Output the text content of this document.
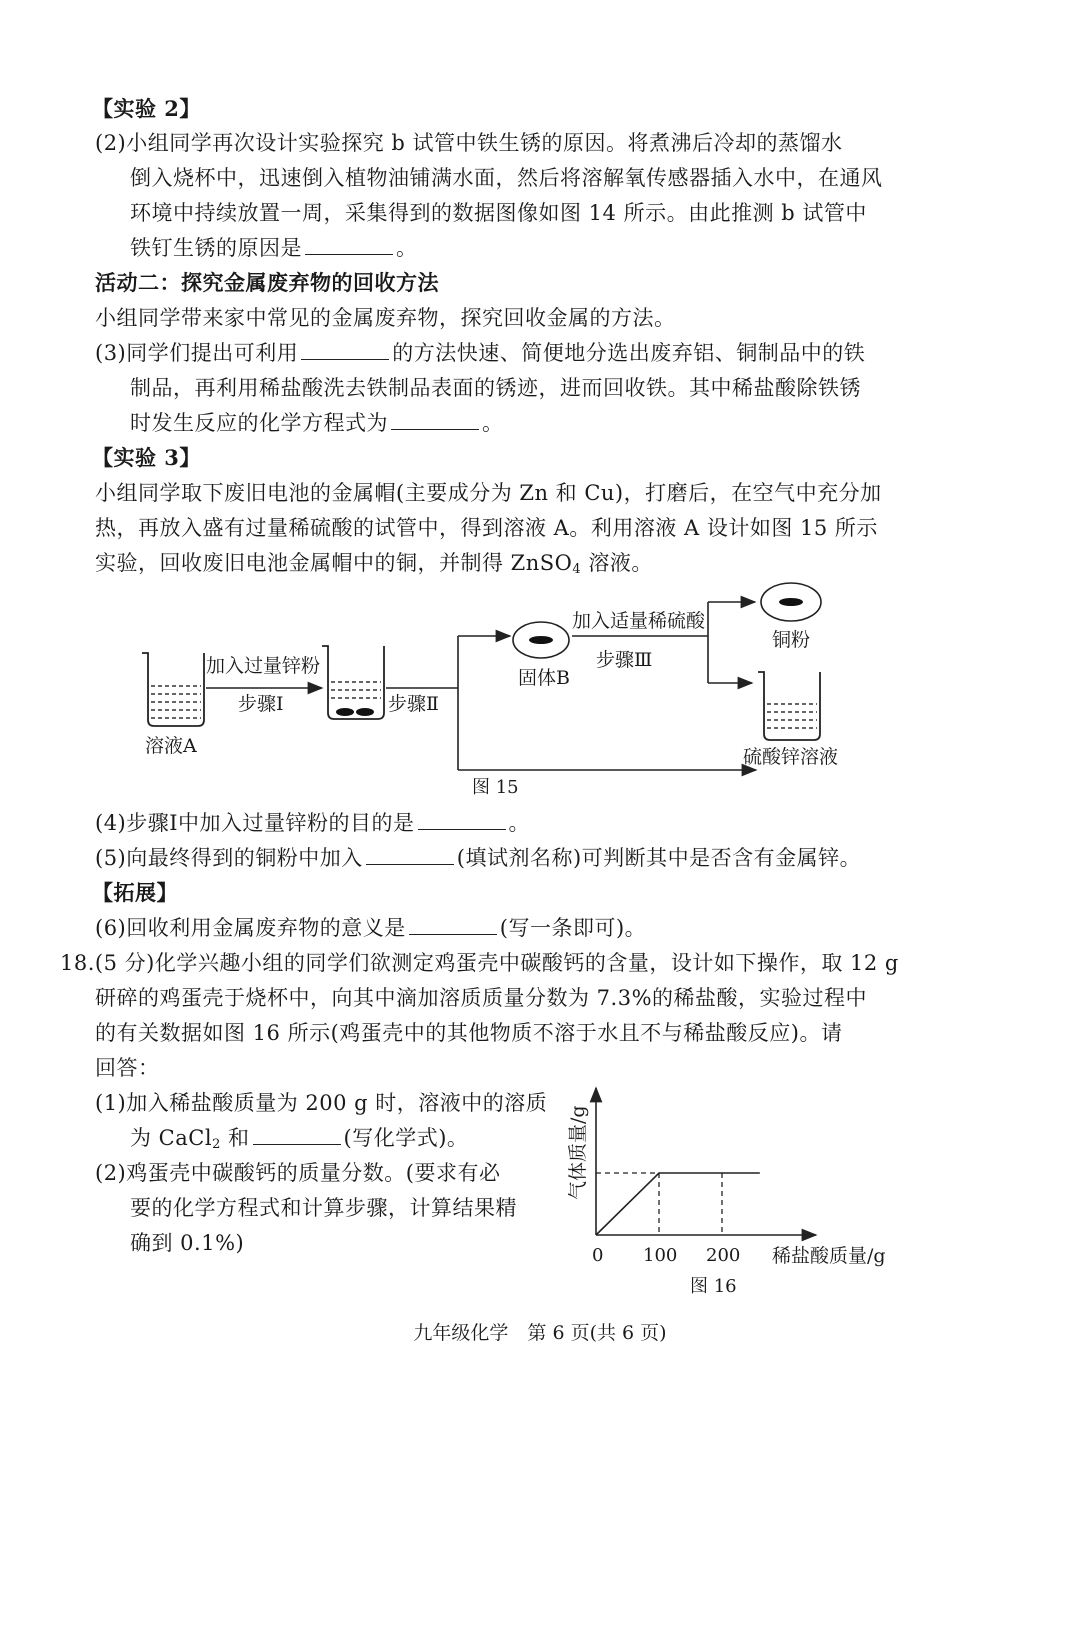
【实验 2】
(2)小组同学再次设计实验探究 b 试管中铁生锈的原因。将煮沸后冷却的蒸馏水
倒入烧杯中，迅速倒入植物油铺满水面，然后将溶解氧传感器插入水中，在通风
环境中持续放置一周，采集得到的数据图像如图 14 所示。由此推测 b 试管中
铁钉生锈的原因是	。
活动二：探究金属废弃物的回收方法
小组同学带来家中常见的金属废弃物，探究回收金属的方法。
(3)同学们提出可利用	的方法快速、简便地分选出废弃铝、铜制品中的铁
制品，再利用稀盐酸洗去铁制品表面的锈迹，进而回收铁。其中稀盐酸除铁锈
时发生反应的化学方程式为	。
【实验 3】
小组同学取下废旧电池的金属帽(主要成分为 Zn 和 Cu)，打磨后，在空气中充分加
热，再放入盛有过量稀硫酸的试管中，得到溶液 A。利用溶液 A 设计如图 15 所示
实验，回收废旧电池金属帽中的铜，并制得 ZnSO$_4$ 溶液。
溶液A
加入过量锌粉
步骤Ⅰ	步骤Ⅱ
固体B
加入适量稀硫酸
步骤Ⅲ
铜粉
硫酸锌溶液
图 15
(4)步骤Ⅰ中加入过量锌粉的目的是	。
(5)向最终得到的铜粉中加入	(填试剂名称)可判断其中是否含有金属锌。
【拓展】
(6)回收利用金属废弃物的意义是	(写一条即可)。
18.(5 分)化学兴趣小组的同学们欲测定鸡蛋壳中碳酸钙的含量，设计如下操作，取 12 g
研碎的鸡蛋壳于烧杯中，向其中滴加溶质质量分数为 7.3%的稀盐酸，实验过程中
的有关数据如图 16 所示(鸡蛋壳中的其他物质不溶于水且不与稀盐酸反应)。请
回答：
(1)加入稀盐酸质量为 200 g 时，溶液中的溶质
为 CaCl$_2$ 和	(写化学式)。
(2)鸡蛋壳中碳酸钙的质量分数。(要求有必
要的化学方程式和计算步骤，计算结果精
确到 0.1%)
0 100 200
气体质量/g
稀盐酸质量/g
图 16
九年级化学　第 6 页(共 6 页)
